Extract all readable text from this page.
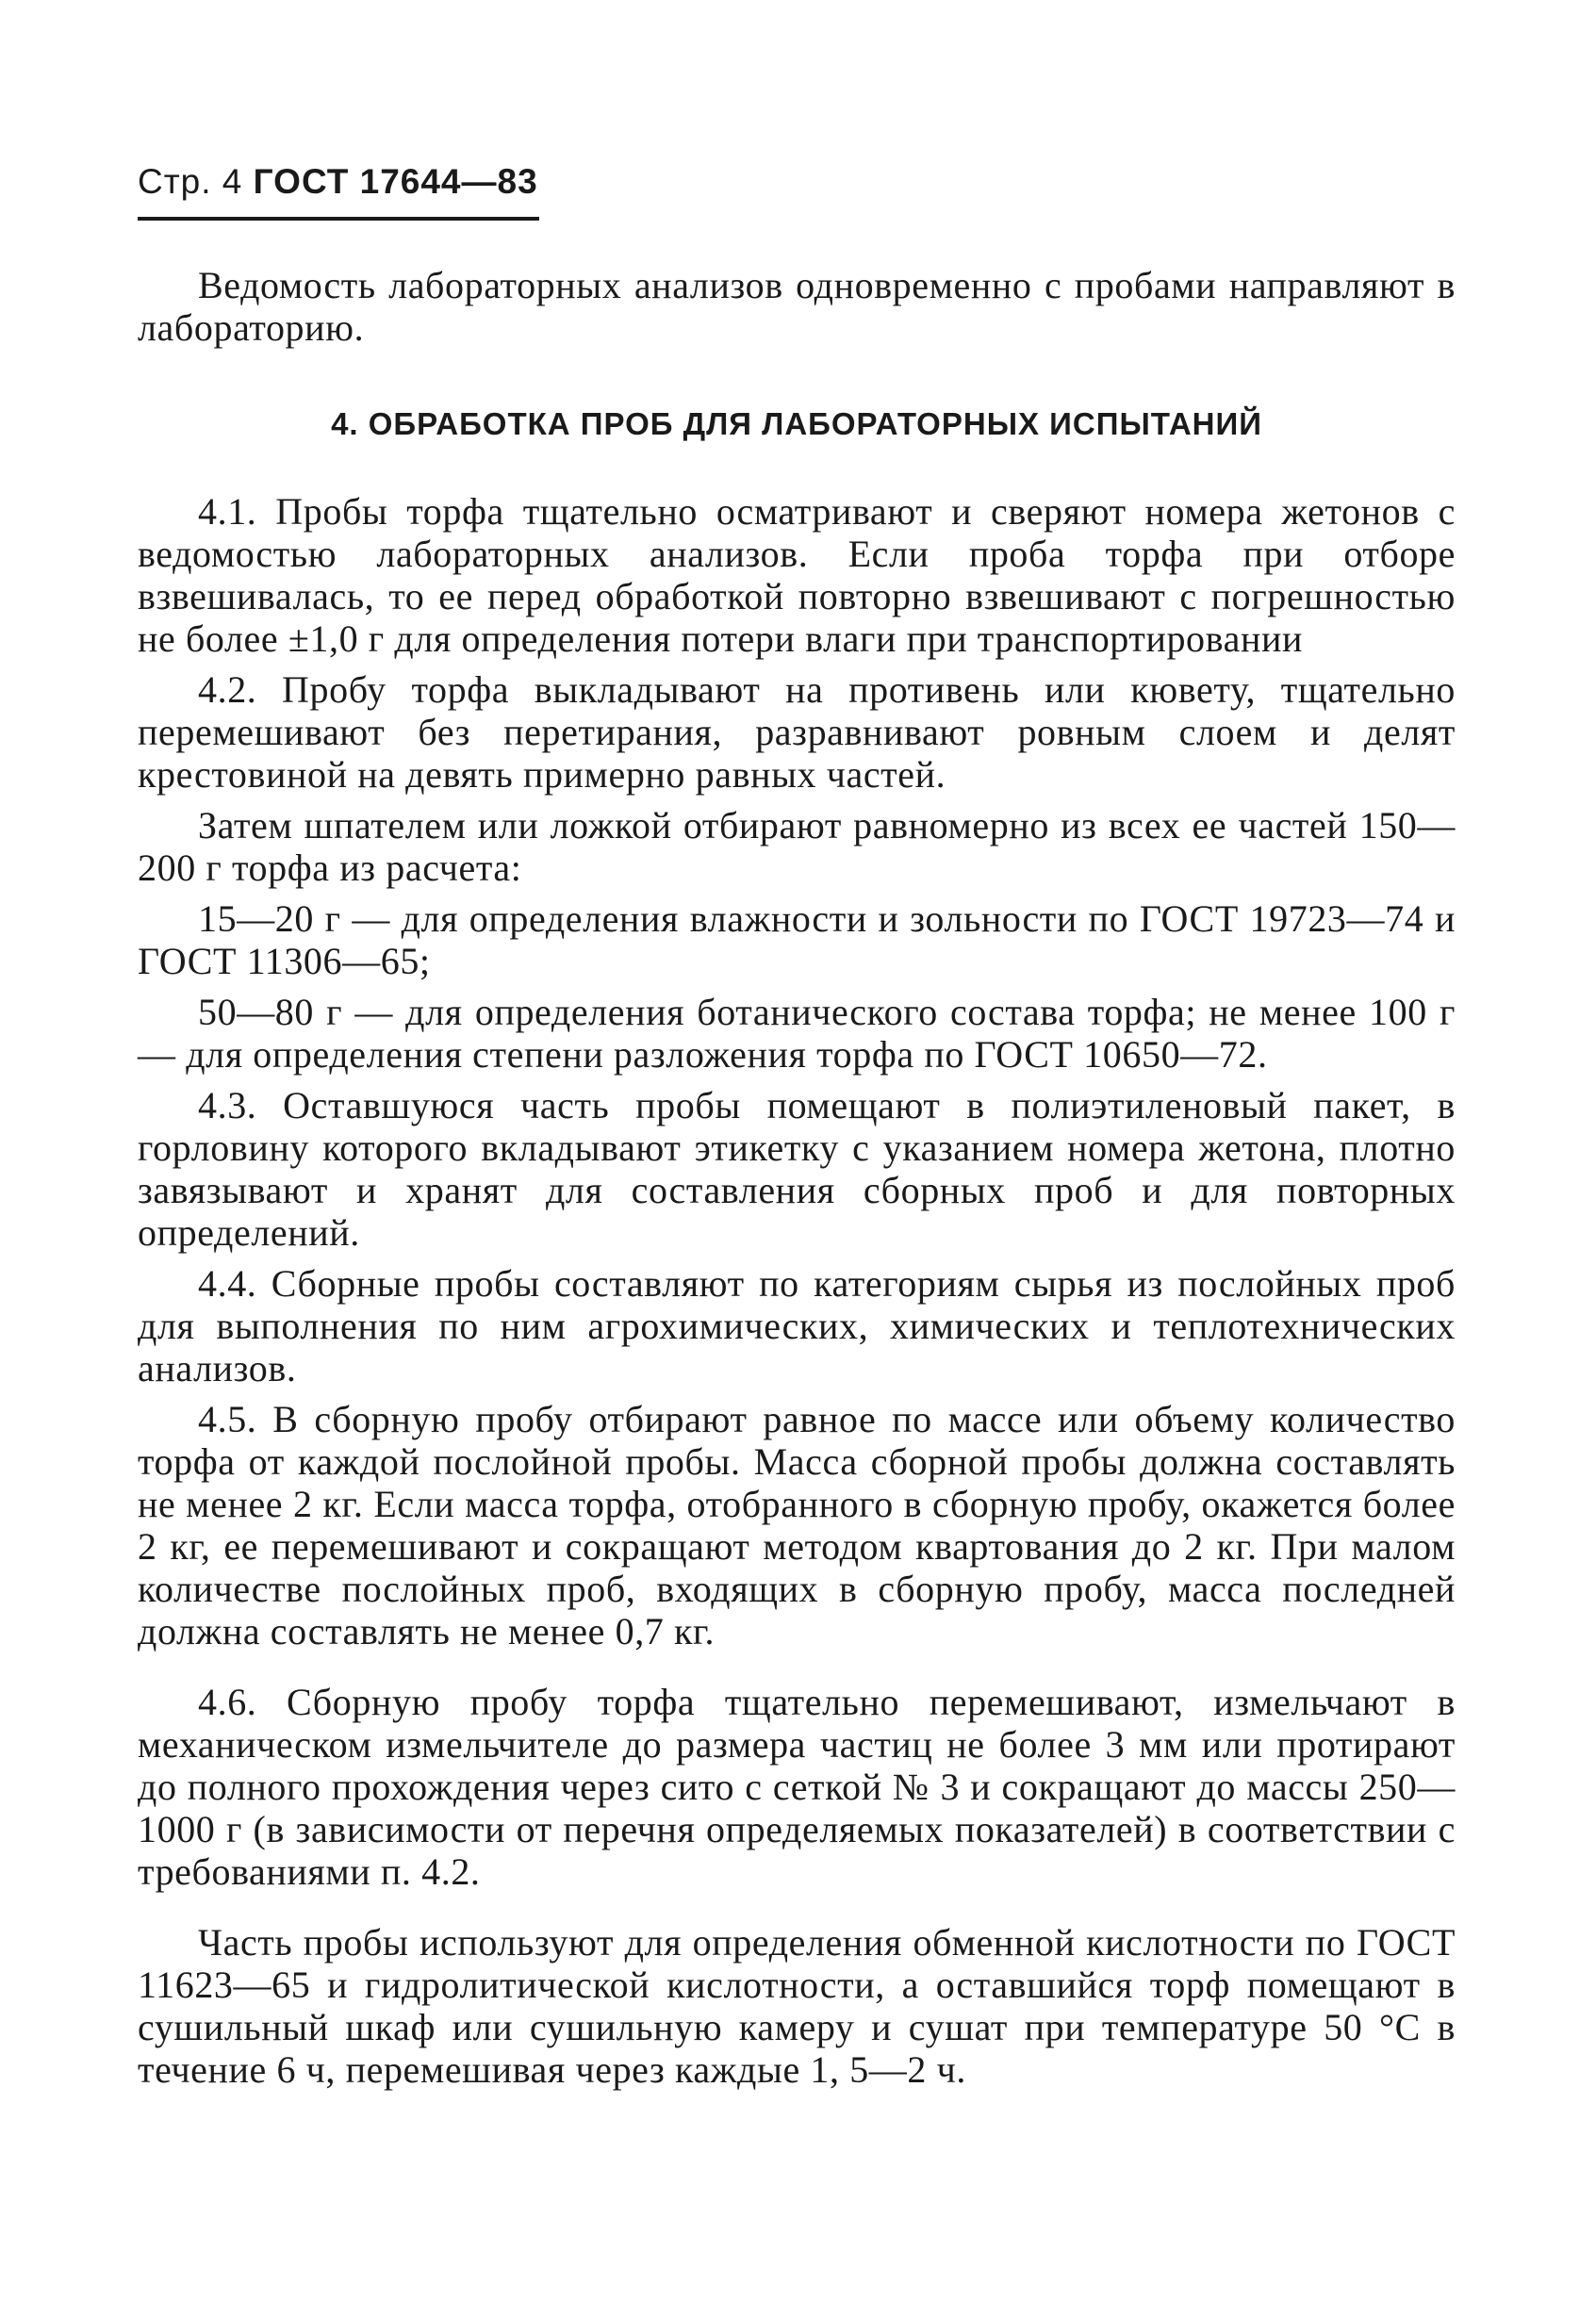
Стр. 4 ГОСТ 17644—83

Ведомость лабораторных анализов одновременно с пробами направляют в лабораторию.

4. ОБРАБОТКА ПРОБ ДЛЯ ЛАБОРАТОРНЫХ ИСПЫТАНИЙ

4.1. Пробы торфа тщательно осматривают и сверяют номера жетонов с ведомостью лабораторных анализов. Если проба торфа при отборе взвешивалась, то ее перед обработкой повторно взвешивают с погрешностью не более ±1,0 г для определения потери влаги при транспортировании

4.2. Пробу торфа выкладывают на противень или кювету, тщательно перемешивают без перетирания, разравнивают ровным слоем и делят крестовиной на девять примерно равных частей.

Затем шпателем или ложкой отбирают равномерно из всех ее частей 150—200 г торфа из расчета:

15—20 г — для определения влажности и зольности по ГОСТ 19723—74 и ГОСТ 11306—65;

50—80 г — для определения ботанического состава торфа; не менее 100 г — для определения степени разложения торфа по ГОСТ 10650—72.

4.3. Оставшуюся часть пробы помещают в полиэтиленовый пакет, в горловину которого вкладывают этикетку с указанием номера жетона, плотно завязывают и хранят для составления сборных проб и для повторных определений.

4.4. Сборные пробы составляют по категориям сырья из послойных проб для выполнения по ним агрохимических, химических и теплотехнических анализов.

4.5. В сборную пробу отбирают равное по массе или объему количество торфа от каждой послойной пробы. Масса сборной пробы должна составлять не менее 2 кг. Если масса торфа, отобранного в сборную пробу, окажется более 2 кг, ее перемешивают и сокращают методом квартования до 2 кг. При малом количестве послойных проб, входящих в сборную пробу, масса последней должна составлять не менее 0,7 кг.

4.6. Сборную пробу торфа тщательно перемешивают, измельчают в механическом измельчителе до размера частиц не более 3 мм или протирают до полного прохождения через сито с сеткой № 3 и сокращают до массы 250—1000 г (в зависимости от перечня определяемых показателей) в соответствии с требованиями п. 4.2.

Часть пробы используют для определения обменной кислотности по ГОСТ 11623—65 и гидролитической кислотности, а оставшийся торф помещают в сушильный шкаф или сушильную камеру и сушат при температуре 50 °С в течение 6 ч, перемешивая через каждые 1, 5—2 ч.
